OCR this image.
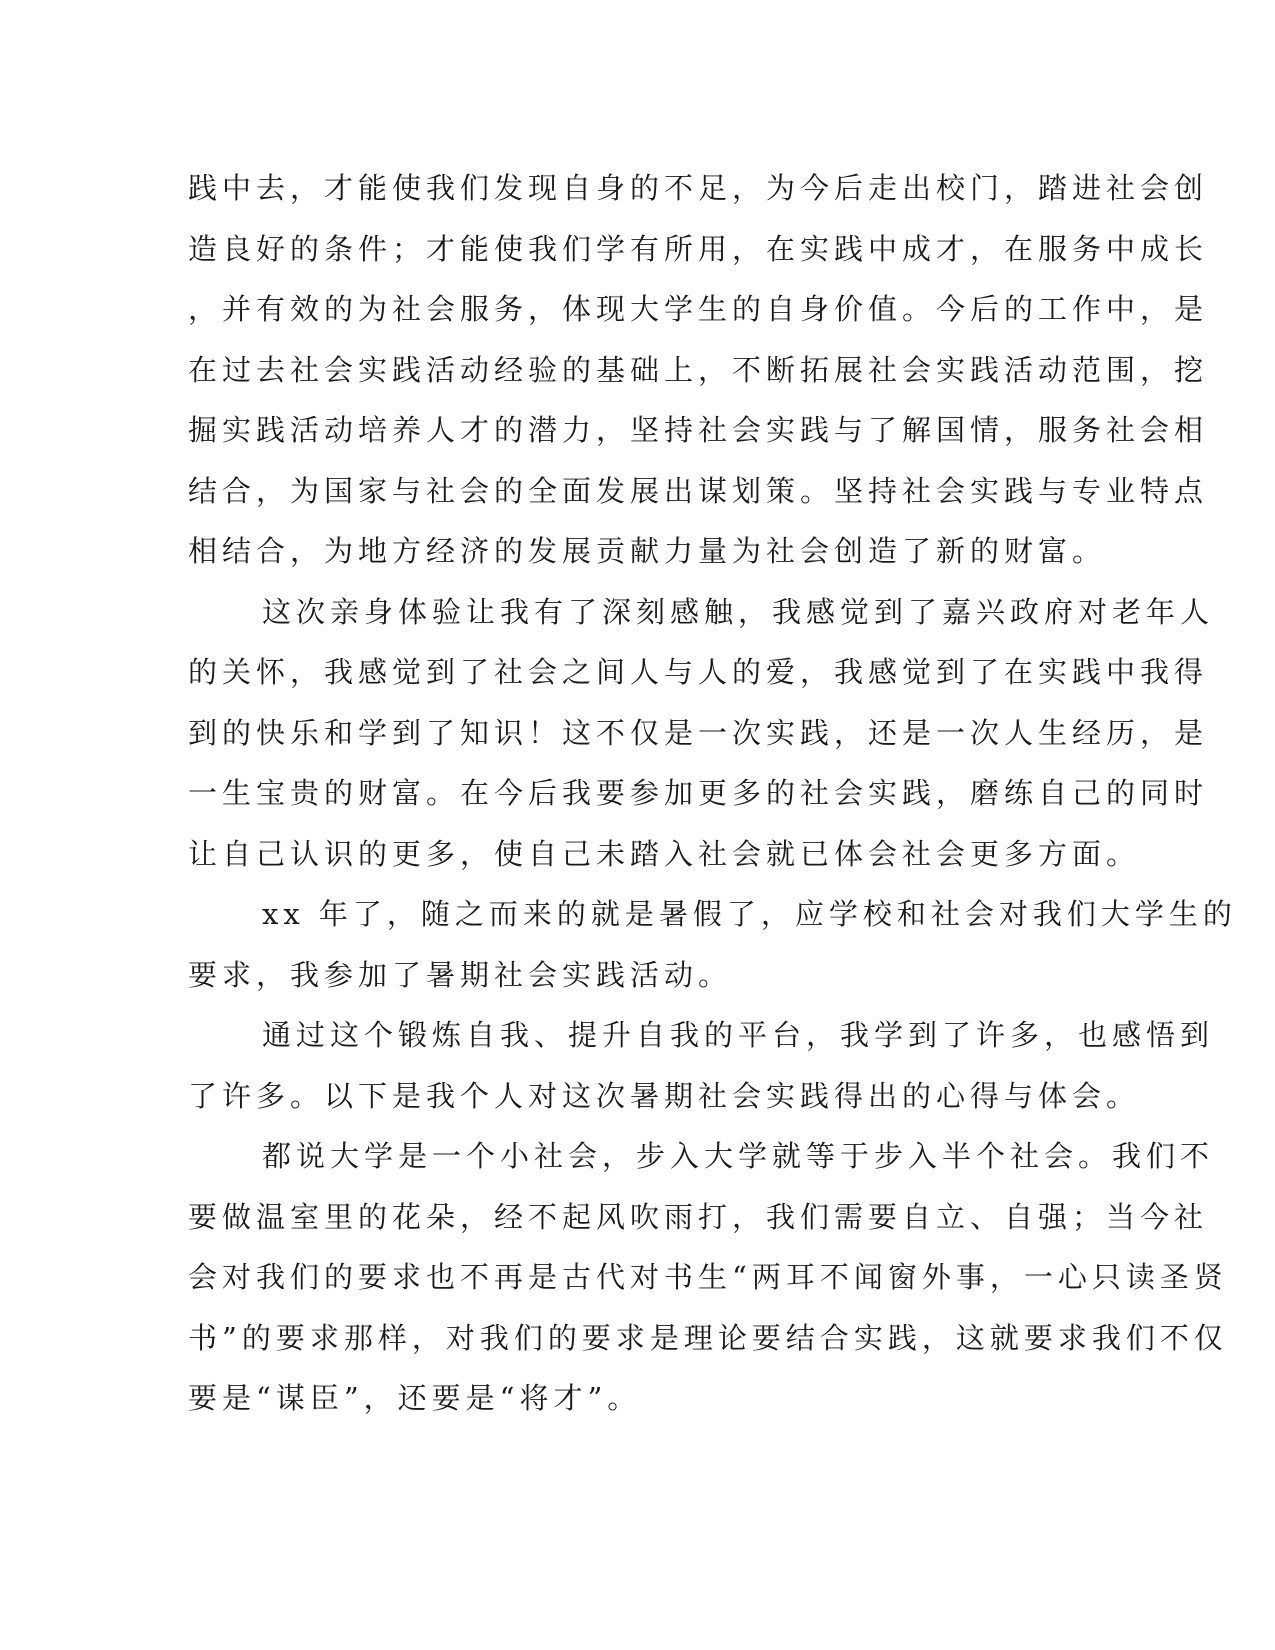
践中去，才能使我们发现自身的不足，为今后走出校门，踏进社会创
造良好的条件；才能使我们学有所用，在实践中成才，在服务中成长
，并有效的为社会服务，体现大学生的自身价值。今后的工作中，是
在过去社会实践活动经验的基础上，不断拓展社会实践活动范围，挖
掘实践活动培养人才的潜力，坚持社会实践与了解国情，服务社会相
结合，为国家与社会的全面发展出谋划策。坚持社会实践与专业特点
相结合，为地方经济的发展贡献力量为社会创造了新的财富。
这次亲身体验让我有了深刻感触，我感觉到了嘉兴政府对老年人
的关怀，我感觉到了社会之间人与人的爱，我感觉到了在实践中我得
到的快乐和学到了知识！这不仅是一次实践，还是一次人生经历，是
一生宝贵的财富。在今后我要参加更多的社会实践，磨练自己的同时
让自己认识的更多，使自己未踏入社会就已体会社会更多方面。
xx 年了，随之而来的就是暑假了，应学校和社会对我们大学生的
要求，我参加了暑期社会实践活动。
通过这个锻炼自我、提升自我的平台，我学到了许多，也感悟到
了许多。以下是我个人对这次暑期社会实践得出的心得与体会。
都说大学是一个小社会，步入大学就等于步入半个社会。我们不
要做温室里的花朵，经不起风吹雨打，我们需要自立、自强；当今社
会对我们的要求也不再是古代对书生“两耳不闻窗外事，一心只读圣贤
书”的要求那样，对我们的要求是理论要结合实践，这就要求我们不仅
要是“谋臣”，还要是“将才”。
